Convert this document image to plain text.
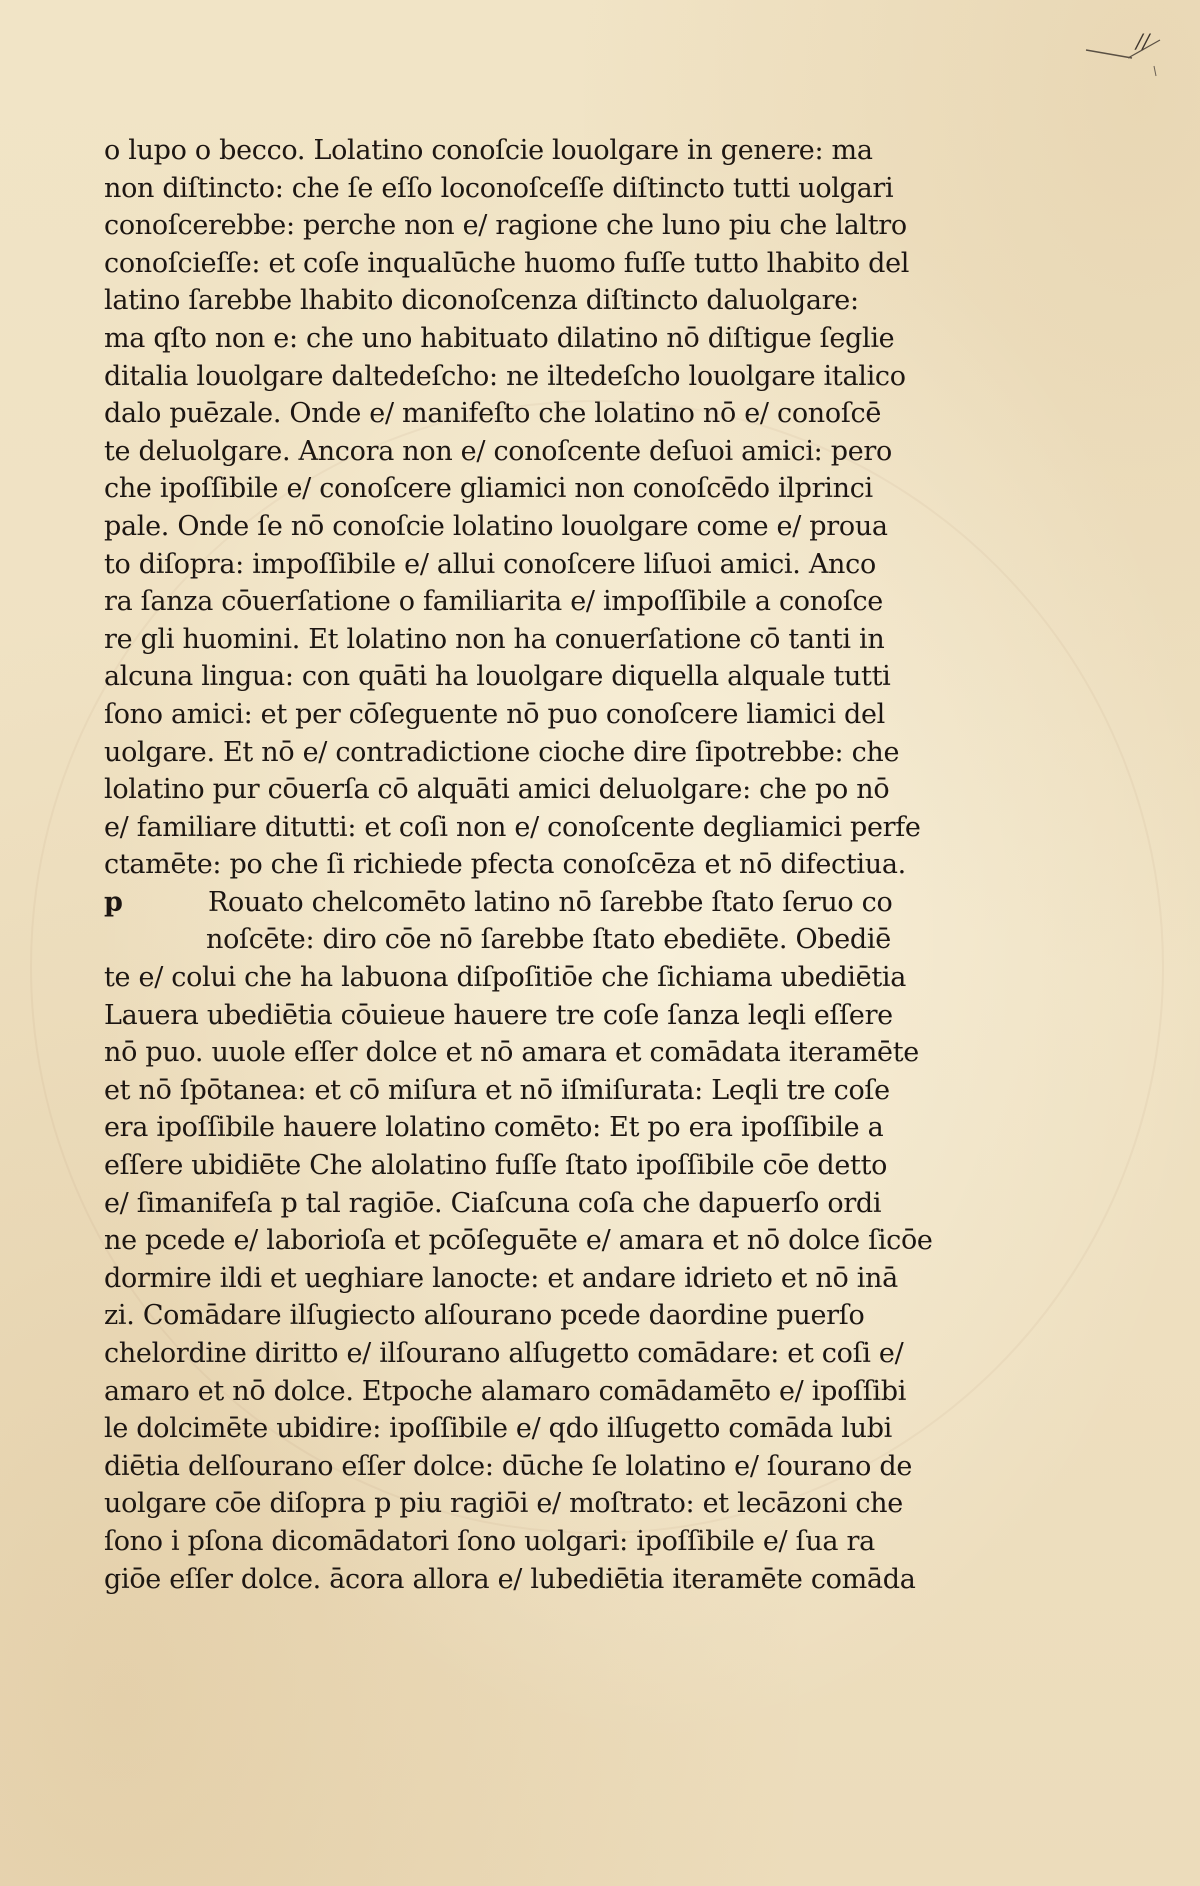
//
o lupo o becco. Lolatino conoſcie louolgare in genere: ma
non diſtincto: che ſe eſſo loconoſceſſe diſtincto tutti uolgari
conoſcerebbe: perche non e/ ragione che luno piu che laltro
conoſcieſſe: et coſe inqualūche huomo fuſſe tutto lhabito del
latino ſarebbe lhabito diconoſcenza diſtincto daluolgare:
ma qſto non e: che uno habituato dilatino nō diſtigue ſeglie
ditalia louolgare daltedeſcho: ne iltedeſcho louolgare italico
dalo puēzale. Onde e/ manifeſto che lolatino nō e/ conoſcē
te deluolgare. Ancora non e/ conoſcente deſuoi amici: pero
che ipoſſibile e/ conoſcere gliamici non conoſcēdo ilprinci
pale. Onde ſe nō conoſcie lolatino louolgare come e/ proua
to diſopra: impoſſibile e/ allui conoſcere liſuoi amici. Anco
ra ſanza cōuerſatione o familiarita e/ impoſſibile a conoſce
re gli huomini. Et lolatino non ha conuerſatione cō tanti in
alcuna lingua: con quāti ha louolgare diquella alquale tutti
ſono amici: et per cōſeguente nō puo conoſcere liamici del
uolgare. Et nō e/ contradictione cioche dire ſipotrebbe: che
lolatino pur cōuerſa cō alquāti amici deluolgare: che po nō
e/ familiare ditutti: et coſi non e/ conoſcente degliamici perfe
ctamēte: po che ſi richiede pfecta conoſcēza et nō difectiua.
p	Rouato chelcomēto latino nō ſarebbe ſtato ſeruo co
noſcēte: diro cōe nō ſarebbe ſtato ebediēte. Obediē
te e/ colui che ha labuona diſpoſitiōe che ſichiama ubediētia
Lauera ubediētia cōuieue hauere tre coſe ſanza leqli eſſere
nō puo. uuole eſſer dolce et nō amara et comādata iteramēte
et nō ſpōtanea: et cō miſura et nō iſmiſurata: Leqli tre coſe
era ipoſſibile hauere lolatino comēto: Et po era ipoſſibile a
eſſere ubidiēte Che alolatino fuſſe ſtato ipoſſibile cōe detto
e/ ſimanifeſa p tal ragiōe. Ciaſcuna coſa che dapuerſo ordi
ne pcede e/ laborioſa et pcōſeguēte e/ amara et nō dolce ſicōe
dormire ildi et ueghiare lanocte: et andare idrieto et nō inā
zi. Comādare ilſugiecto alſourano pcede daordine puerſo
chelordine diritto e/ ilſourano alſugetto comādare: et coſi e/
amaro et nō dolce. Etpoche alamaro comādamēto e/ ipoſſibi
le dolcimēte ubidire: ipoſſibile e/ qdo ilſugetto comāda lubi
diētia delſourano eſſer dolce: dūche ſe lolatino e/ ſourano de
uolgare cōe diſopra p piu ragiōi e/ moſtrato: et lecāzoni che
ſono i pſona dicomādatori ſono uolgari: ipoſſibile e/ ſua ra
giōe eſſer dolce. ācora allora e/ lubediētia iteramēte comāda
